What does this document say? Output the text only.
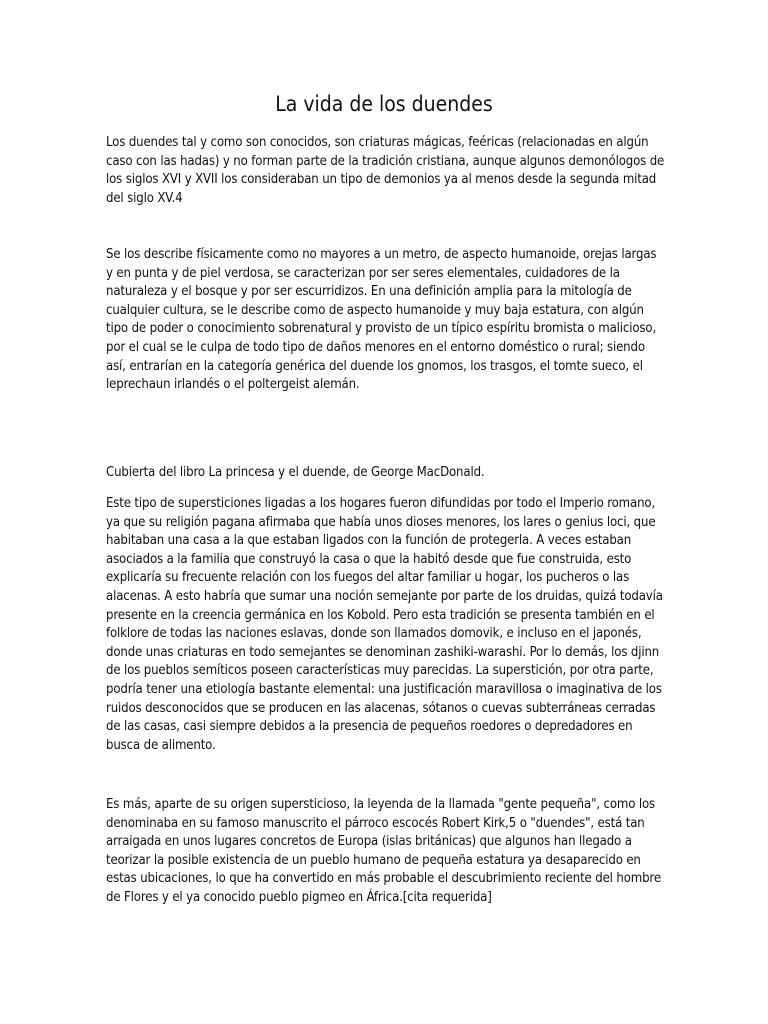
La vida de los duendes

Los duendes tal y como son conocidos, son criaturas mágicas, feéricas (relacionadas en algún caso con las hadas) y no forman parte de la tradición cristiana, aunque algunos demonólogos de los siglos XVI y XVII los consideraban un tipo de demonios ya al menos desde la segunda mitad del siglo XV.4

Se los describe físicamente como no mayores a un metro, de aspecto humanoide, orejas largas y en punta y de piel verdosa, se caracterizan por ser seres elementales, cuidadores de la naturaleza y el bosque y por ser escurridizos. En una definición amplia para la mitología de cualquier cultura, se le describe como de aspecto humanoide y muy baja estatura, con algún tipo de poder o conocimiento sobrenatural y provisto de un típico espíritu bromista o malicioso, por el cual se le culpa de todo tipo de daños menores en el entorno doméstico o rural; siendo así, entrarían en la categoría genérica del duende los gnomos, los trasgos, el tomte sueco, el leprechaun irlandés o el poltergeist alemán.

Cubierta del libro La princesa y el duende, de George MacDonald.

Este tipo de supersticiones ligadas a los hogares fueron difundidas por todo el Imperio romano, ya que su religión pagana afirmaba que había unos dioses menores, los lares o genius loci, que habitaban una casa a la que estaban ligados con la función de protegerla. A veces estaban asociados a la familia que construyó la casa o que la habitó desde que fue construida, esto explicaría su frecuente relación con los fuegos del altar familiar u hogar, los pucheros o las alacenas. A esto habría que sumar una noción semejante por parte de los druidas, quizá todavía presente en la creencia germánica en los Kobold. Pero esta tradición se presenta también en el folklore de todas las naciones eslavas, donde son llamados domovik, e incluso en el japonés, donde unas criaturas en todo semejantes se denominan zashiki-warashi. Por lo demás, los djinn de los pueblos semíticos poseen características muy parecidas. La superstición, por otra parte, podría tener una etiología bastante elemental: una justificación maravillosa o imaginativa de los ruidos desconocidos que se producen en las alacenas, sótanos o cuevas subterráneas cerradas de las casas, casi siempre debidos a la presencia de pequeños roedores o depredadores en busca de alimento.

Es más, aparte de su origen supersticioso, la leyenda de la llamada "gente pequeña", como los denominaba en su famoso manuscrito el párroco escocés Robert Kirk,5 o "duendes", está tan arraigada en unos lugares concretos de Europa (islas británicas) que algunos han llegado a teorizar la posible existencia de un pueblo humano de pequeña estatura ya desaparecido en estas ubicaciones, lo que ha convertido en más probable el descubrimiento reciente del hombre de Flores y el ya conocido pueblo pigmeo en África.[cita requerida]
